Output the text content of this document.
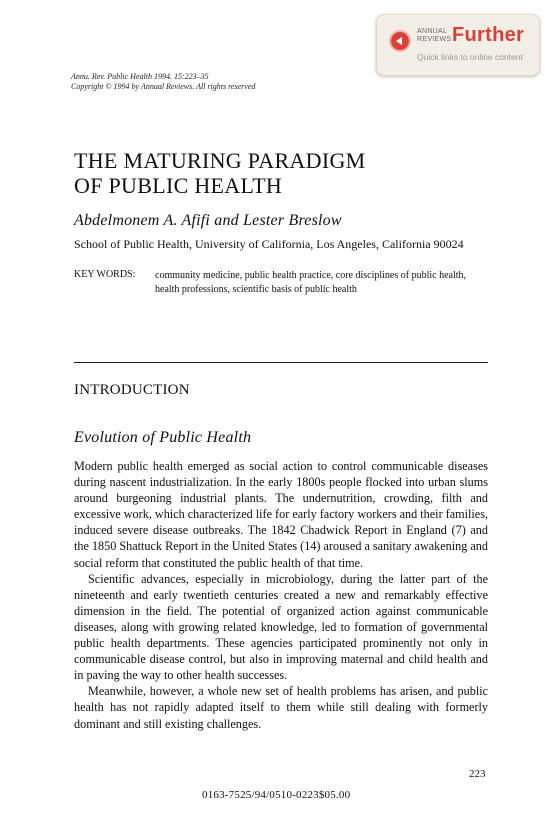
ANNUAL
REVIEWS Further
Quick links to online content
Annu. Rev. Public Health 1994. 15:223–35
Copyright © 1994 by Annual Reviews. All rights reserved
THE MATURING PARADIGM
OF PUBLIC HEALTH
Abdelmonem A. Afifi and Lester Breslow
School of Public Health, University of California, Los Angeles, California 90024
KEY WORDS: community medicine, public health practice, core disciplines of public health, health professions, scientific basis of public health
INTRODUCTION
Evolution of Public Health

Modern public health emerged as social action to control communicable diseases during nascent industrialization. In the early 1800s people flocked into urban slums around burgeoning industrial plants. The undernutrition, crowding, filth and excessive work, which characterized life for early factory workers and their families, induced severe disease outbreaks. The 1842 Chadwick Report in England (7) and the 1850 Shattuck Report in the United States (14) aroused a sanitary awakening and social reform that constituted the public health of that time.

Scientific advances, especially in microbiology, during the latter part of the nineteenth and early twentieth centuries created a new and remarkably effective dimension in the field. The potential of organized action against communicable diseases, along with growing related knowledge, led to formation of governmental public health departments. These agencies participated prominently not only in communicable disease control, but also in improving maternal and child health and in paving the way to other health successes.

Meanwhile, however, a whole new set of health problems has arisen, and public health has not rapidly adapted itself to them while still dealing with formerly dominant and still existing challenges.

223
0163-7525/94/0510-0223$05.00
